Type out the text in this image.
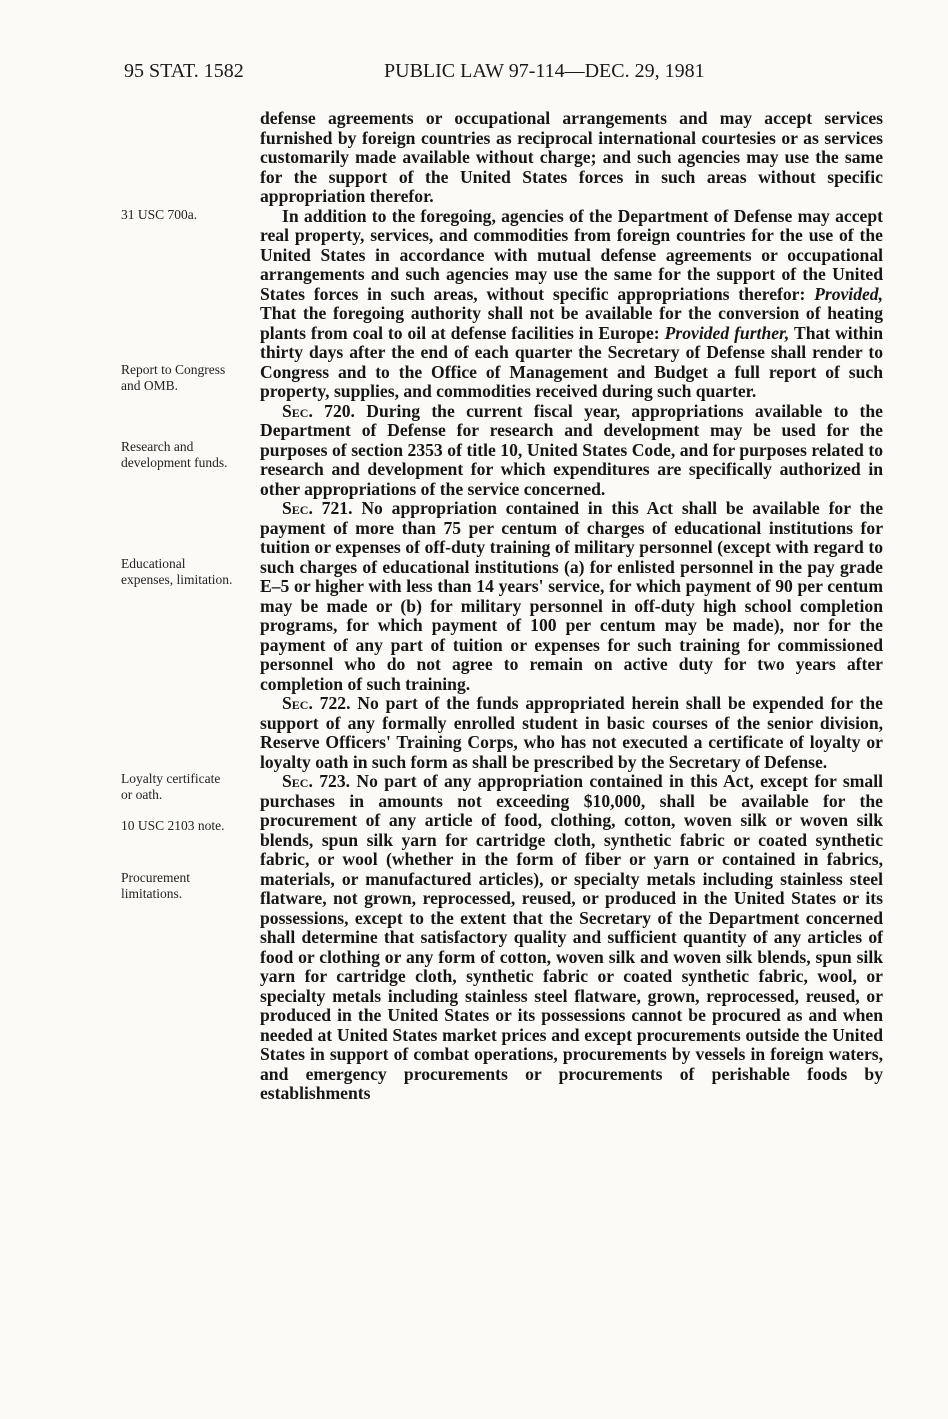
95 STAT. 1582	PUBLIC LAW 97-114—DEC. 29, 1981
31 USC 700a.
Report to Congress and OMB.
Research and development funds.
Educational expenses, limitation.
Loyalty certificate or oath.
10 USC 2103 note.
Procurement limitations.

defense agreements or occupational arrangements and may accept services furnished by foreign countries as reciprocal international courtesies or as services customarily made available without charge; and such agencies may use the same for the support of the United States forces in such areas without specific appropriation therefor.

In addition to the foregoing, agencies of the Department of Defense may accept real property, services, and commodities from foreign countries for the use of the United States in accordance with mutual defense agreements or occupational arrangements and such agencies may use the same for the support of the United States forces in such areas, without specific appropriations therefor: Provided, That the foregoing authority shall not be available for the conversion of heating plants from coal to oil at defense facilities in Europe: Provided further, That within thirty days after the end of each quarter the Secretary of Defense shall render to Congress and to the Office of Management and Budget a full report of such property, supplies, and commodities received during such quarter.

Sec. 720. During the current fiscal year, appropriations available to the Department of Defense for research and development may be used for the purposes of section 2353 of title 10, United States Code, and for purposes related to research and development for which expenditures are specifically authorized in other appropriations of the service concerned.

Sec. 721. No appropriation contained in this Act shall be available for the payment of more than 75 per centum of charges of educational institutions for tuition or expenses of off-duty training of military personnel (except with regard to such charges of educational institutions (a) for enlisted personnel in the pay grade E–5 or higher with less than 14 years' service, for which payment of 90 per centum may be made or (b) for military personnel in off-duty high school completion programs, for which payment of 100 per centum may be made), nor for the payment of any part of tuition or expenses for such training for commissioned personnel who do not agree to remain on active duty for two years after completion of such training.

Sec. 722. No part of the funds appropriated herein shall be expended for the support of any formally enrolled student in basic courses of the senior division, Reserve Officers' Training Corps, who has not executed a certificate of loyalty or loyalty oath in such form as shall be prescribed by the Secretary of Defense.

Sec. 723. No part of any appropriation contained in this Act, except for small purchases in amounts not exceeding $10,000, shall be available for the procurement of any article of food, clothing, cotton, woven silk or woven silk blends, spun silk yarn for cartridge cloth, synthetic fabric or coated synthetic fabric, or wool (whether in the form of fiber or yarn or contained in fabrics, materials, or manufactured articles), or specialty metals including stainless steel flatware, not grown, reprocessed, reused, or produced in the United States or its possessions, except to the extent that the Secretary of the Department concerned shall determine that satisfactory quality and sufficient quantity of any articles of food or clothing or any form of cotton, woven silk and woven silk blends, spun silk yarn for cartridge cloth, synthetic fabric or coated synthetic fabric, wool, or specialty metals including stainless steel flatware, grown, reprocessed, reused, or produced in the United States or its possessions cannot be procured as and when needed at United States market prices and except procurements outside the United States in support of combat operations, procurements by vessels in foreign waters, and emergency procurements or procurements of perishable foods by establishments
